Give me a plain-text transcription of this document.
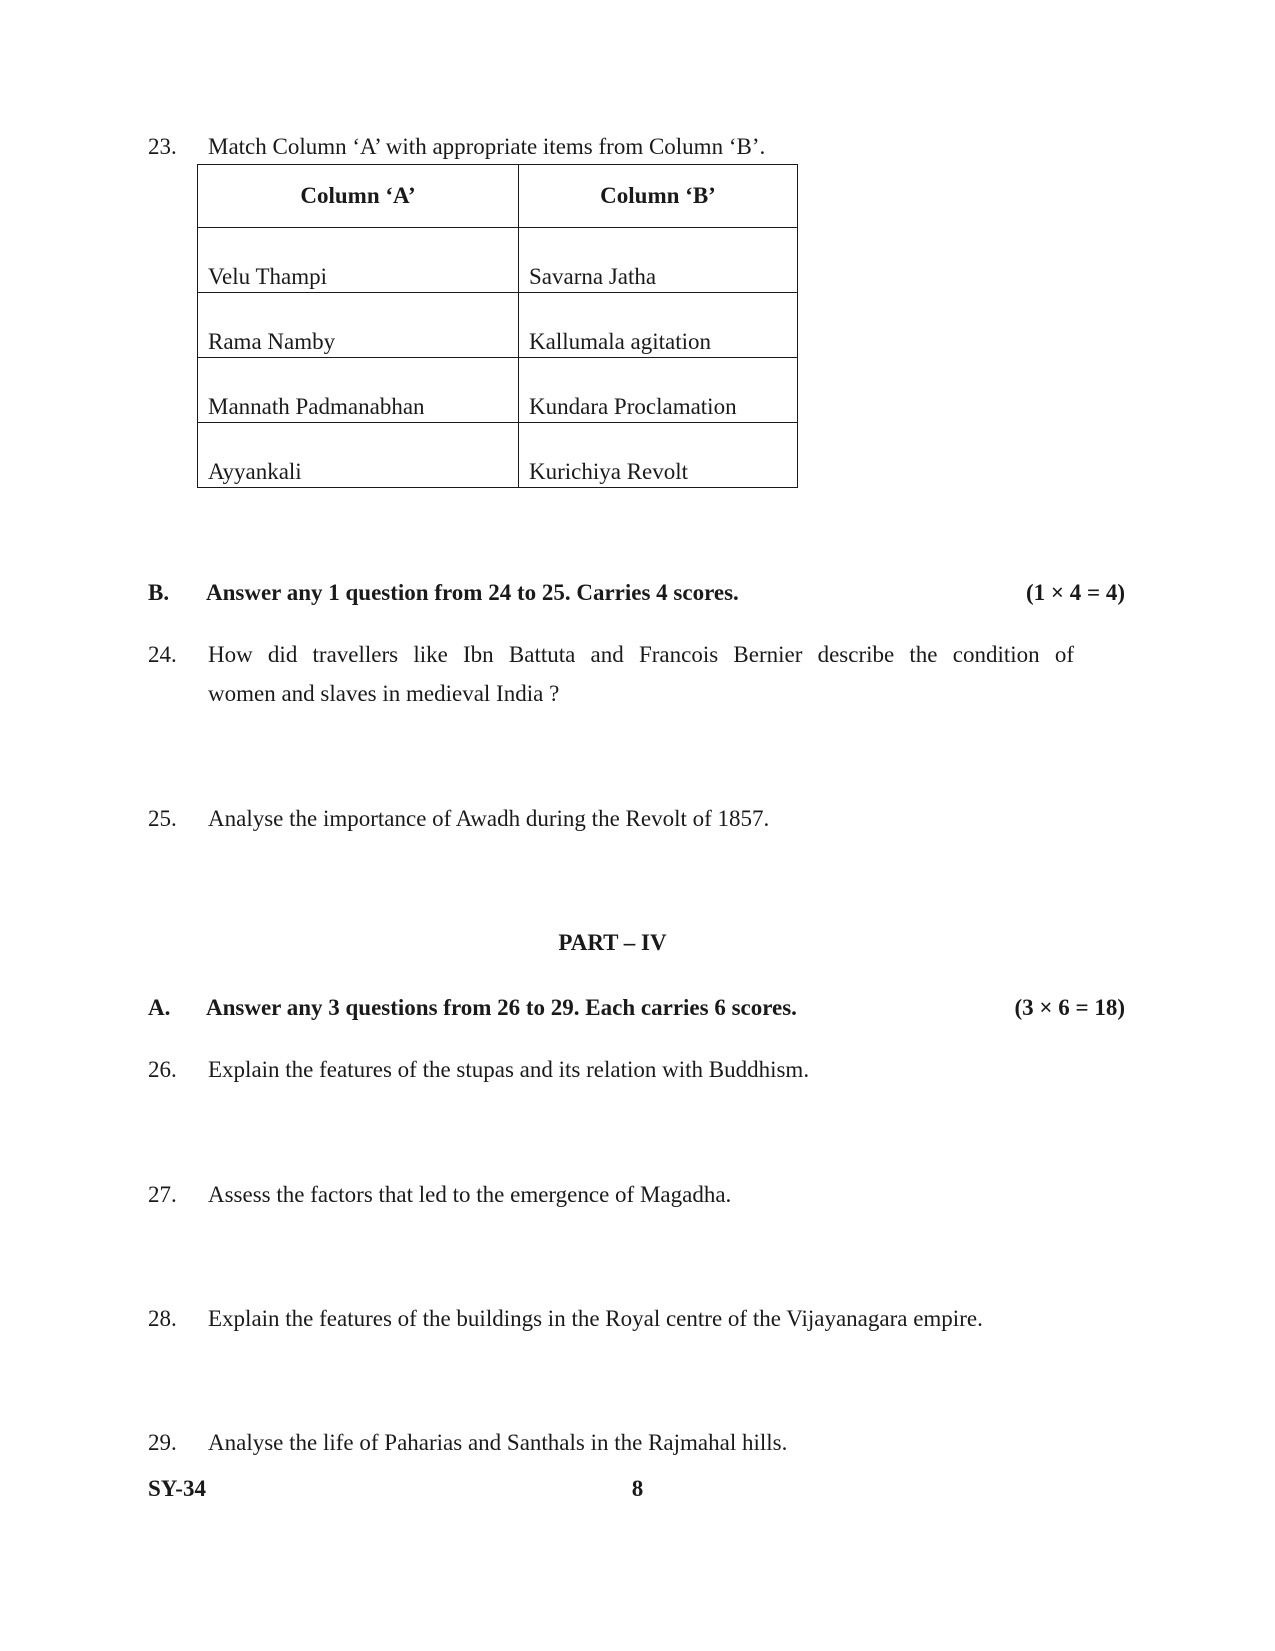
23.	Match Column ‘A’ with appropriate items from Column ‘B’.
Column ‘A’	Column ‘B’
Velu Thampi	Savarna Jatha
Rama Namby	Kallumala agitation
Mannath Padmanabhan	Kundara Proclamation
Ayyankali	Kurichiya Revolt
B. Answer any 1 question from 24 to 25. Carries 4 scores.	(1 × 4 = 4)
24.	How did travellers like Ibn Battuta and Francois Bernier describe the condition of
women and slaves in medieval India ?
25.	Analyse the importance of Awadh during the Revolt of 1857.
PART – IV
A. Answer any 3 questions from 26 to 29. Each carries 6 scores.	(3 × 6 = 18)
26.	Explain the features of the stupas and its relation with Buddhism.
27.	Assess the factors that led to the emergence of Magadha.
28.	Explain the features of the buildings in the Royal centre of the Vijayanagara empire.
29.	Analyse the life of Paharias and Santhals in the Rajmahal hills.
SY-34	8
